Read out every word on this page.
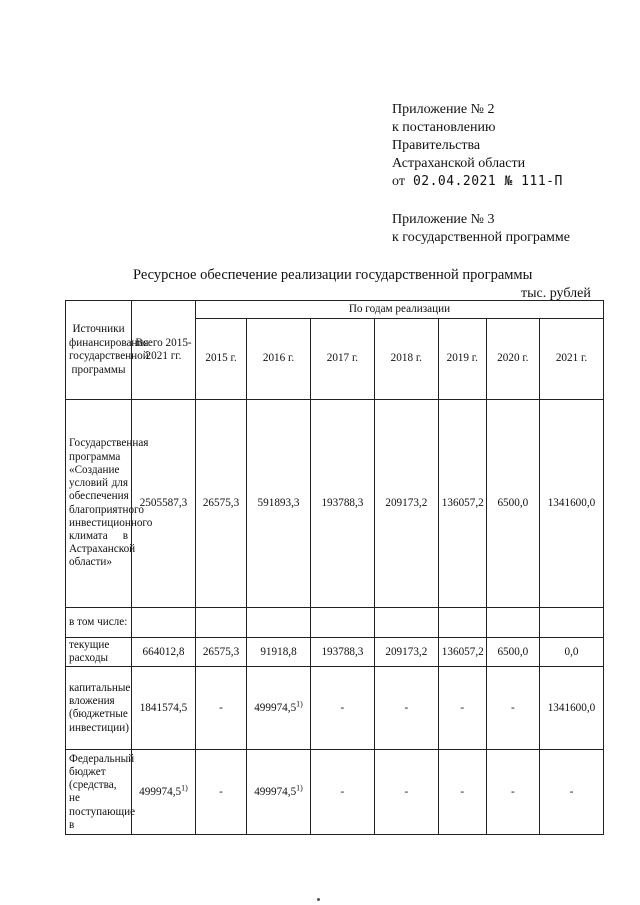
Приложение № 2
к постановлению
Правительства
Астраханской области
от 02.04.2021 № 111-П
Приложение № 3
к государственной программе
Ресурсное обеспечение реализации государственной программы
тыс. рублей
Источники финансирования государственной программы	Всего 2015-2021 гг.	По годам реализации						
		2015 г.	2016 г.	2017 г.	2018 г.	2019 г.	2020 г.	2021 г.
Государственная программа «Создание условий для обеспечения благоприятного инвестиционного климата в Астраханской области»	2505587,3	26575,3	591893,3	193788,3	209173,2	136057,2	6500,0	1341600,0
в том числе:								
текущие расходы	664012,8	26575,3	91918,8	193788,3	209173,2	136057,2	6500,0	0,0
капитальные вложения (бюджетные инвестиции)	1841574,5	-	499974,5$^{1)}$	-	-	-	-	1341600,0
Федеральный бюджет (средства, не поступающие в	499974,5$^{1)}$	-	499974,5$^{1)}$	-	-	-	-	-
